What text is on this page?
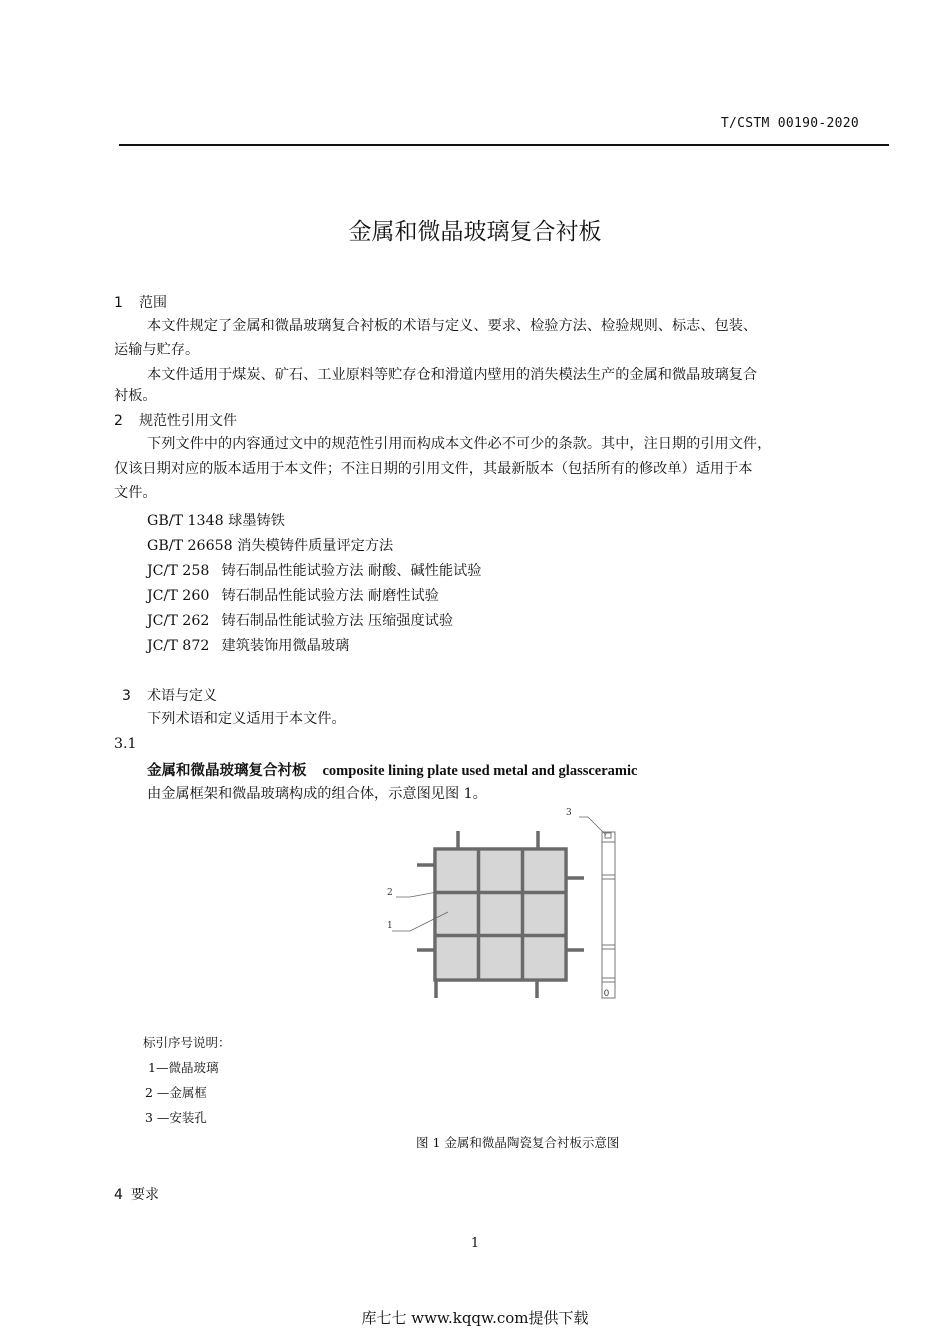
T/CSTM 00190-2020
金属和微晶玻璃复合衬板
1 范围
本文件规定了金属和微晶玻璃复合衬板的术语与定义、要求、检验方法、检验规则、标志、包装、
运输与贮存。
本文件适用于煤炭、矿石、工业原料等贮存仓和滑道内壁用的消失模法生产的金属和微晶玻璃复合
衬板。
2 规范性引用文件
下列文件中的内容通过文中的规范性引用而构成本文件必不可少的条款。其中，注日期的引用文件，
仅该日期对应的版本适用于本文件；不注日期的引用文件，其最新版本（包括所有的修改单）适用于本
文件。
GB/T 1348 球墨铸铁
GB/T 26658 消失模铸件质量评定方法
JC/T 258 铸石制品性能试验方法 耐酸、碱性能试验
JC/T 260 铸石制品性能试验方法 耐磨性试验
JC/T 262 铸石制品性能试验方法 压缩强度试验
JC/T 872 建筑装饰用微晶玻璃
3 术语与定义
下列术语和定义适用于本文件。
3.1
金属和微晶玻璃复合衬板 composite lining plate used metal and glassceramic
由金属框架和微晶玻璃构成的组合体，示意图见图 1。
0
2
1
3
标引序号说明：
1—微晶玻璃
2 —金属框
3 —安装孔
图 1 金属和微晶陶瓷复合衬板示意图
4 要求
1
库七七 www.kqqw.com提供下载
